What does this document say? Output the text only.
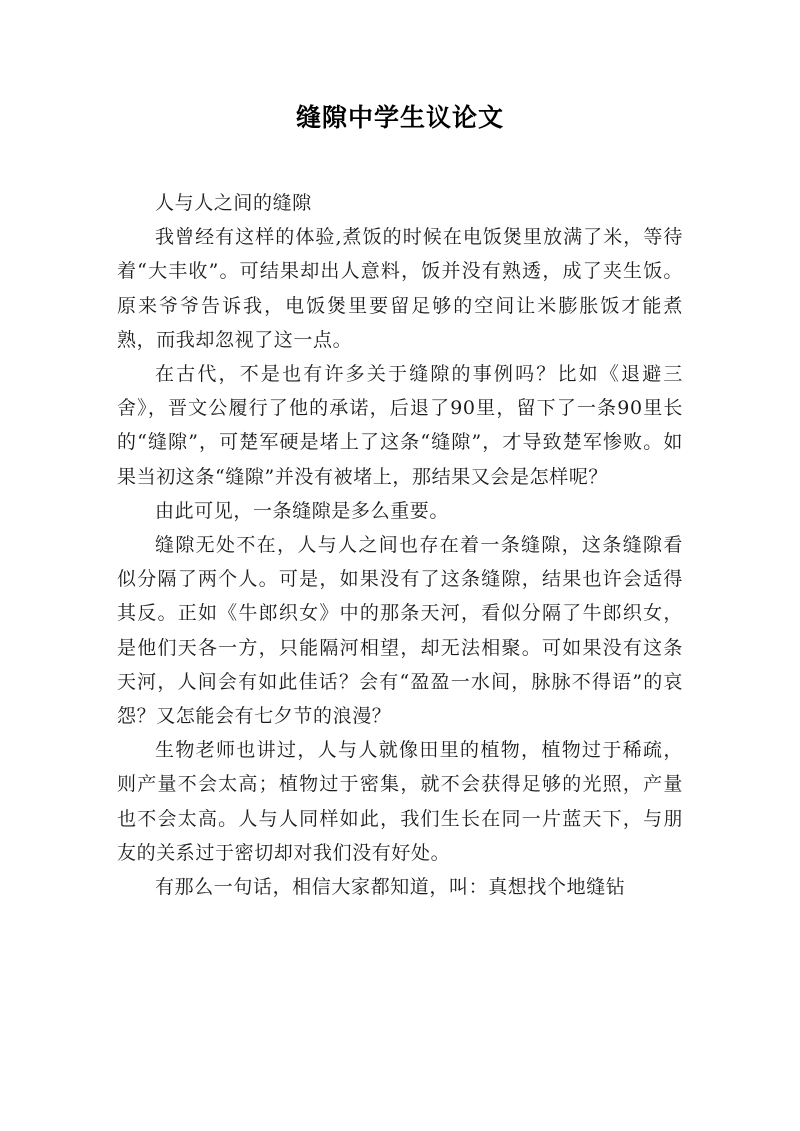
缝隙中学生议论文

人与人之间的缝隙

我曾经有这样的体验,煮饭的时候在电饭煲里放满了米，等待着“大丰收”。可结果却出人意料，饭并没有熟透，成了夹生饭。原来爷爷告诉我，电饭煲里要留足够的空间让米膨胀饭才能煮熟，而我却忽视了这一点。

在古代，不是也有许多关于缝隙的事例吗？比如《退避三舍》，晋文公履行了他的承诺，后退了90里，留下了一条90里长的“缝隙”，可楚军硬是堵上了这条“缝隙”，才导致楚军惨败。如果当初这条“缝隙”并没有被堵上，那结果又会是怎样呢？

由此可见，一条缝隙是多么重要。

缝隙无处不在，人与人之间也存在着一条缝隙，这条缝隙看似分隔了两个人。可是，如果没有了这条缝隙，结果也许会适得其反。正如《牛郎织女》中的那条天河，看似分隔了牛郎织女，是他们天各一方，只能隔河相望，却无法相聚。可如果没有这条天河，人间会有如此佳话？会有“盈盈一水间，脉脉不得语”的哀怨？又怎能会有七夕节的浪漫？

生物老师也讲过，人与人就像田里的植物，植物过于稀疏，则产量不会太高；植物过于密集，就不会获得足够的光照，产量也不会太高。人与人同样如此，我们生长在同一片蓝天下，与朋友的关系过于密切却对我们没有好处。

有那么一句话，相信大家都知道，叫：真想找个地缝钻
